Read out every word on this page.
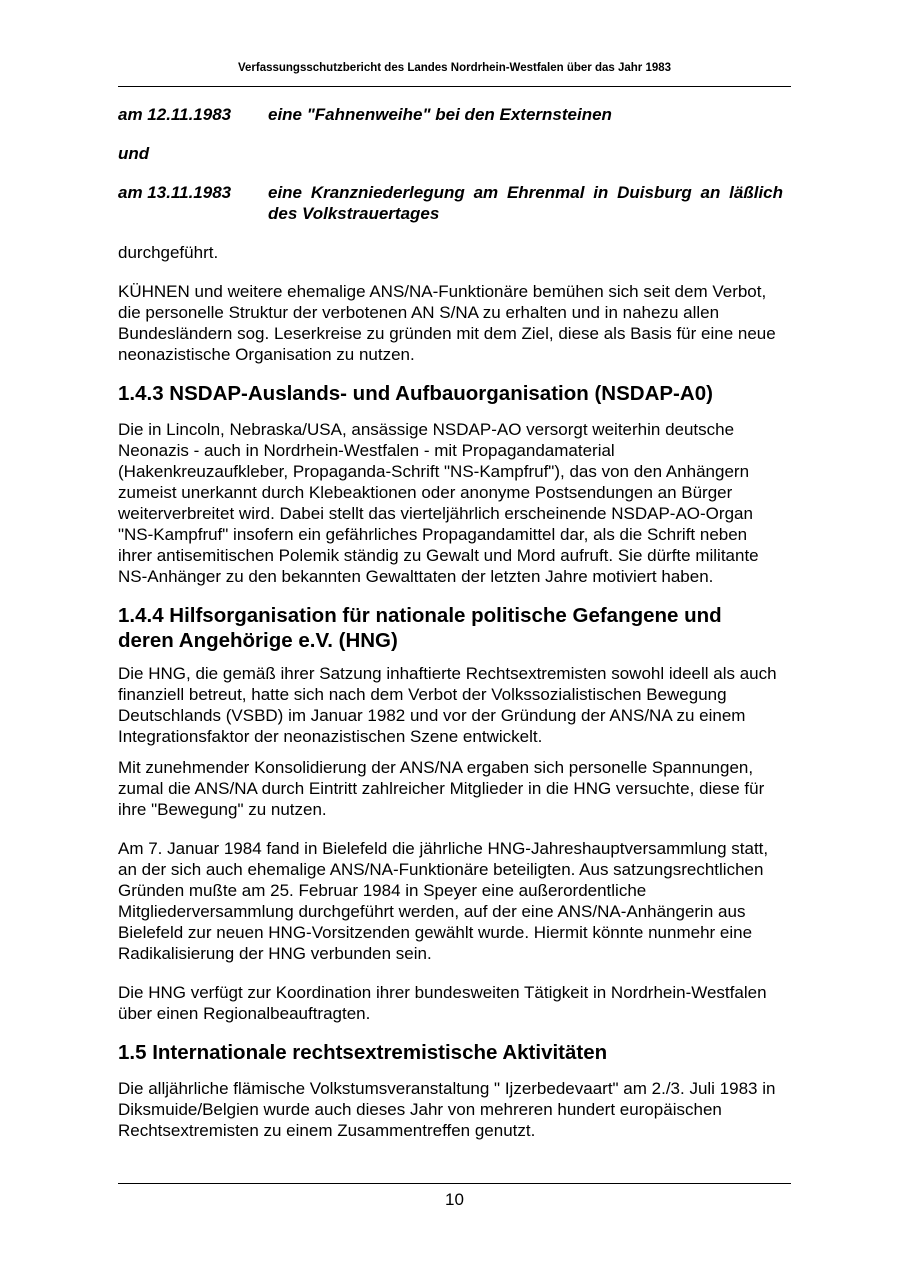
Verfassungsschutzbericht des Landes Nordrhein-Westfalen über das Jahr 1983
am 12.11.1983	eine "Fahnenweihe" bei den Externsteinen
und
am 13.11.1983	eine Kranzniederlegung am Ehrenmal in Duisburg an läßlich des Volkstrauertages

durchgeführt.

KÜHNEN und weitere ehemalige ANS/NA-Funktionäre bemühen sich seit dem Verbot, die personelle Struktur der verbotenen AN S/NA zu erhalten und in nahezu allen Bundesländern sog. Leserkreise zu gründen mit dem Ziel, diese als Basis für eine neue neonazistische Organisation zu nutzen.

1.4.3 NSDAP-Auslands- und Aufbauorganisation (NSDAP-A0)

Die in Lincoln, Nebraska/USA, ansässige NSDAP-AO versorgt weiterhin deutsche Neonazis - auch in Nordrhein-Westfalen - mit Propagandamaterial (Hakenkreuzaufkleber, Propaganda-Schrift "NS-Kampfruf"), das von den Anhängern zumeist unerkannt durch Klebeaktionen oder anonyme Postsendungen an Bürger weiterverbreitet wird. Dabei stellt das vierteljährlich erscheinende NSDAP-AO-Organ "NS-Kampfruf" insofern ein gefährliches Propagandamittel dar, als die Schrift neben ihrer antisemitischen Polemik ständig zu Gewalt und Mord aufruft. Sie dürfte militante NS-Anhänger zu den bekannten Gewalttaten der letzten Jahre motiviert haben.

1.4.4 Hilfsorganisation für nationale politische Gefangene und deren Angehörige e.V. (HNG)

Die HNG, die gemäß ihrer Satzung inhaftierte Rechtsextremisten sowohl ideell als auch finanziell betreut, hatte sich nach dem Verbot der Volkssozialistischen Bewegung Deutschlands (VSBD) im Januar 1982 und vor der Gründung der ANS/NA zu einem Integrationsfaktor der neonazistischen Szene entwickelt.

Mit zunehmender Konsolidierung der ANS/NA ergaben sich personelle Spannungen, zumal die ANS/NA durch Eintritt zahlreicher Mitglieder in die HNG versuchte, diese für ihre "Bewegung" zu nutzen.

Am 7. Januar 1984 fand in Bielefeld die jährliche HNG-Jahreshauptversammlung statt, an der sich auch ehemalige ANS/NA-Funktionäre beteiligten. Aus satzungsrechtlichen Gründen mußte am 25. Februar 1984 in Speyer eine außerordentliche Mitgliederversammlung durchgeführt werden, auf der eine ANS/NA-Anhängerin aus Bielefeld zur neuen HNG-Vorsitzenden gewählt wurde. Hiermit könnte nunmehr eine Radikalisierung der HNG verbunden sein.

Die HNG verfügt zur Koordination ihrer bundesweiten Tätigkeit in Nordrhein-Westfalen über einen Regionalbeauftragten.

1.5 Internationale rechtsextremistische Aktivitäten

Die alljährliche flämische Volkstumsveranstaltung " Ijzerbedevaart" am 2./3. Juli 1983 in Diksmuide/Belgien wurde auch dieses Jahr von mehreren hundert europäischen Rechtsextremisten zu einem Zusammentreffen genutzt.

10
